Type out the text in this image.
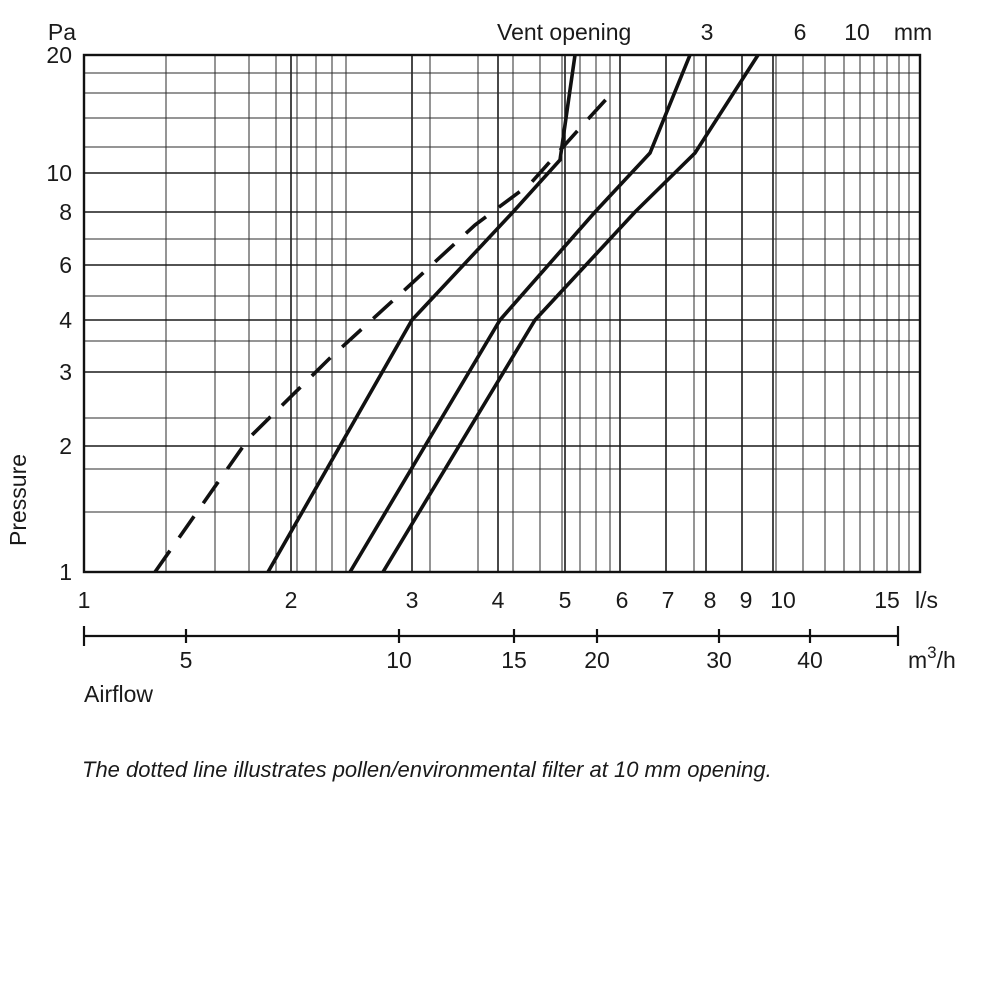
Pa
20
10
8
6
4
3
2
1
Pressure
Vent opening	3	6 10 mm
1	2	3	4 5 6 7 8 9 10	15 l/s
5	10	15 20	30	40	$m^3/h$
Airflow
The dotted line illustrates pollen/environmental filter at 10 mm opening.
